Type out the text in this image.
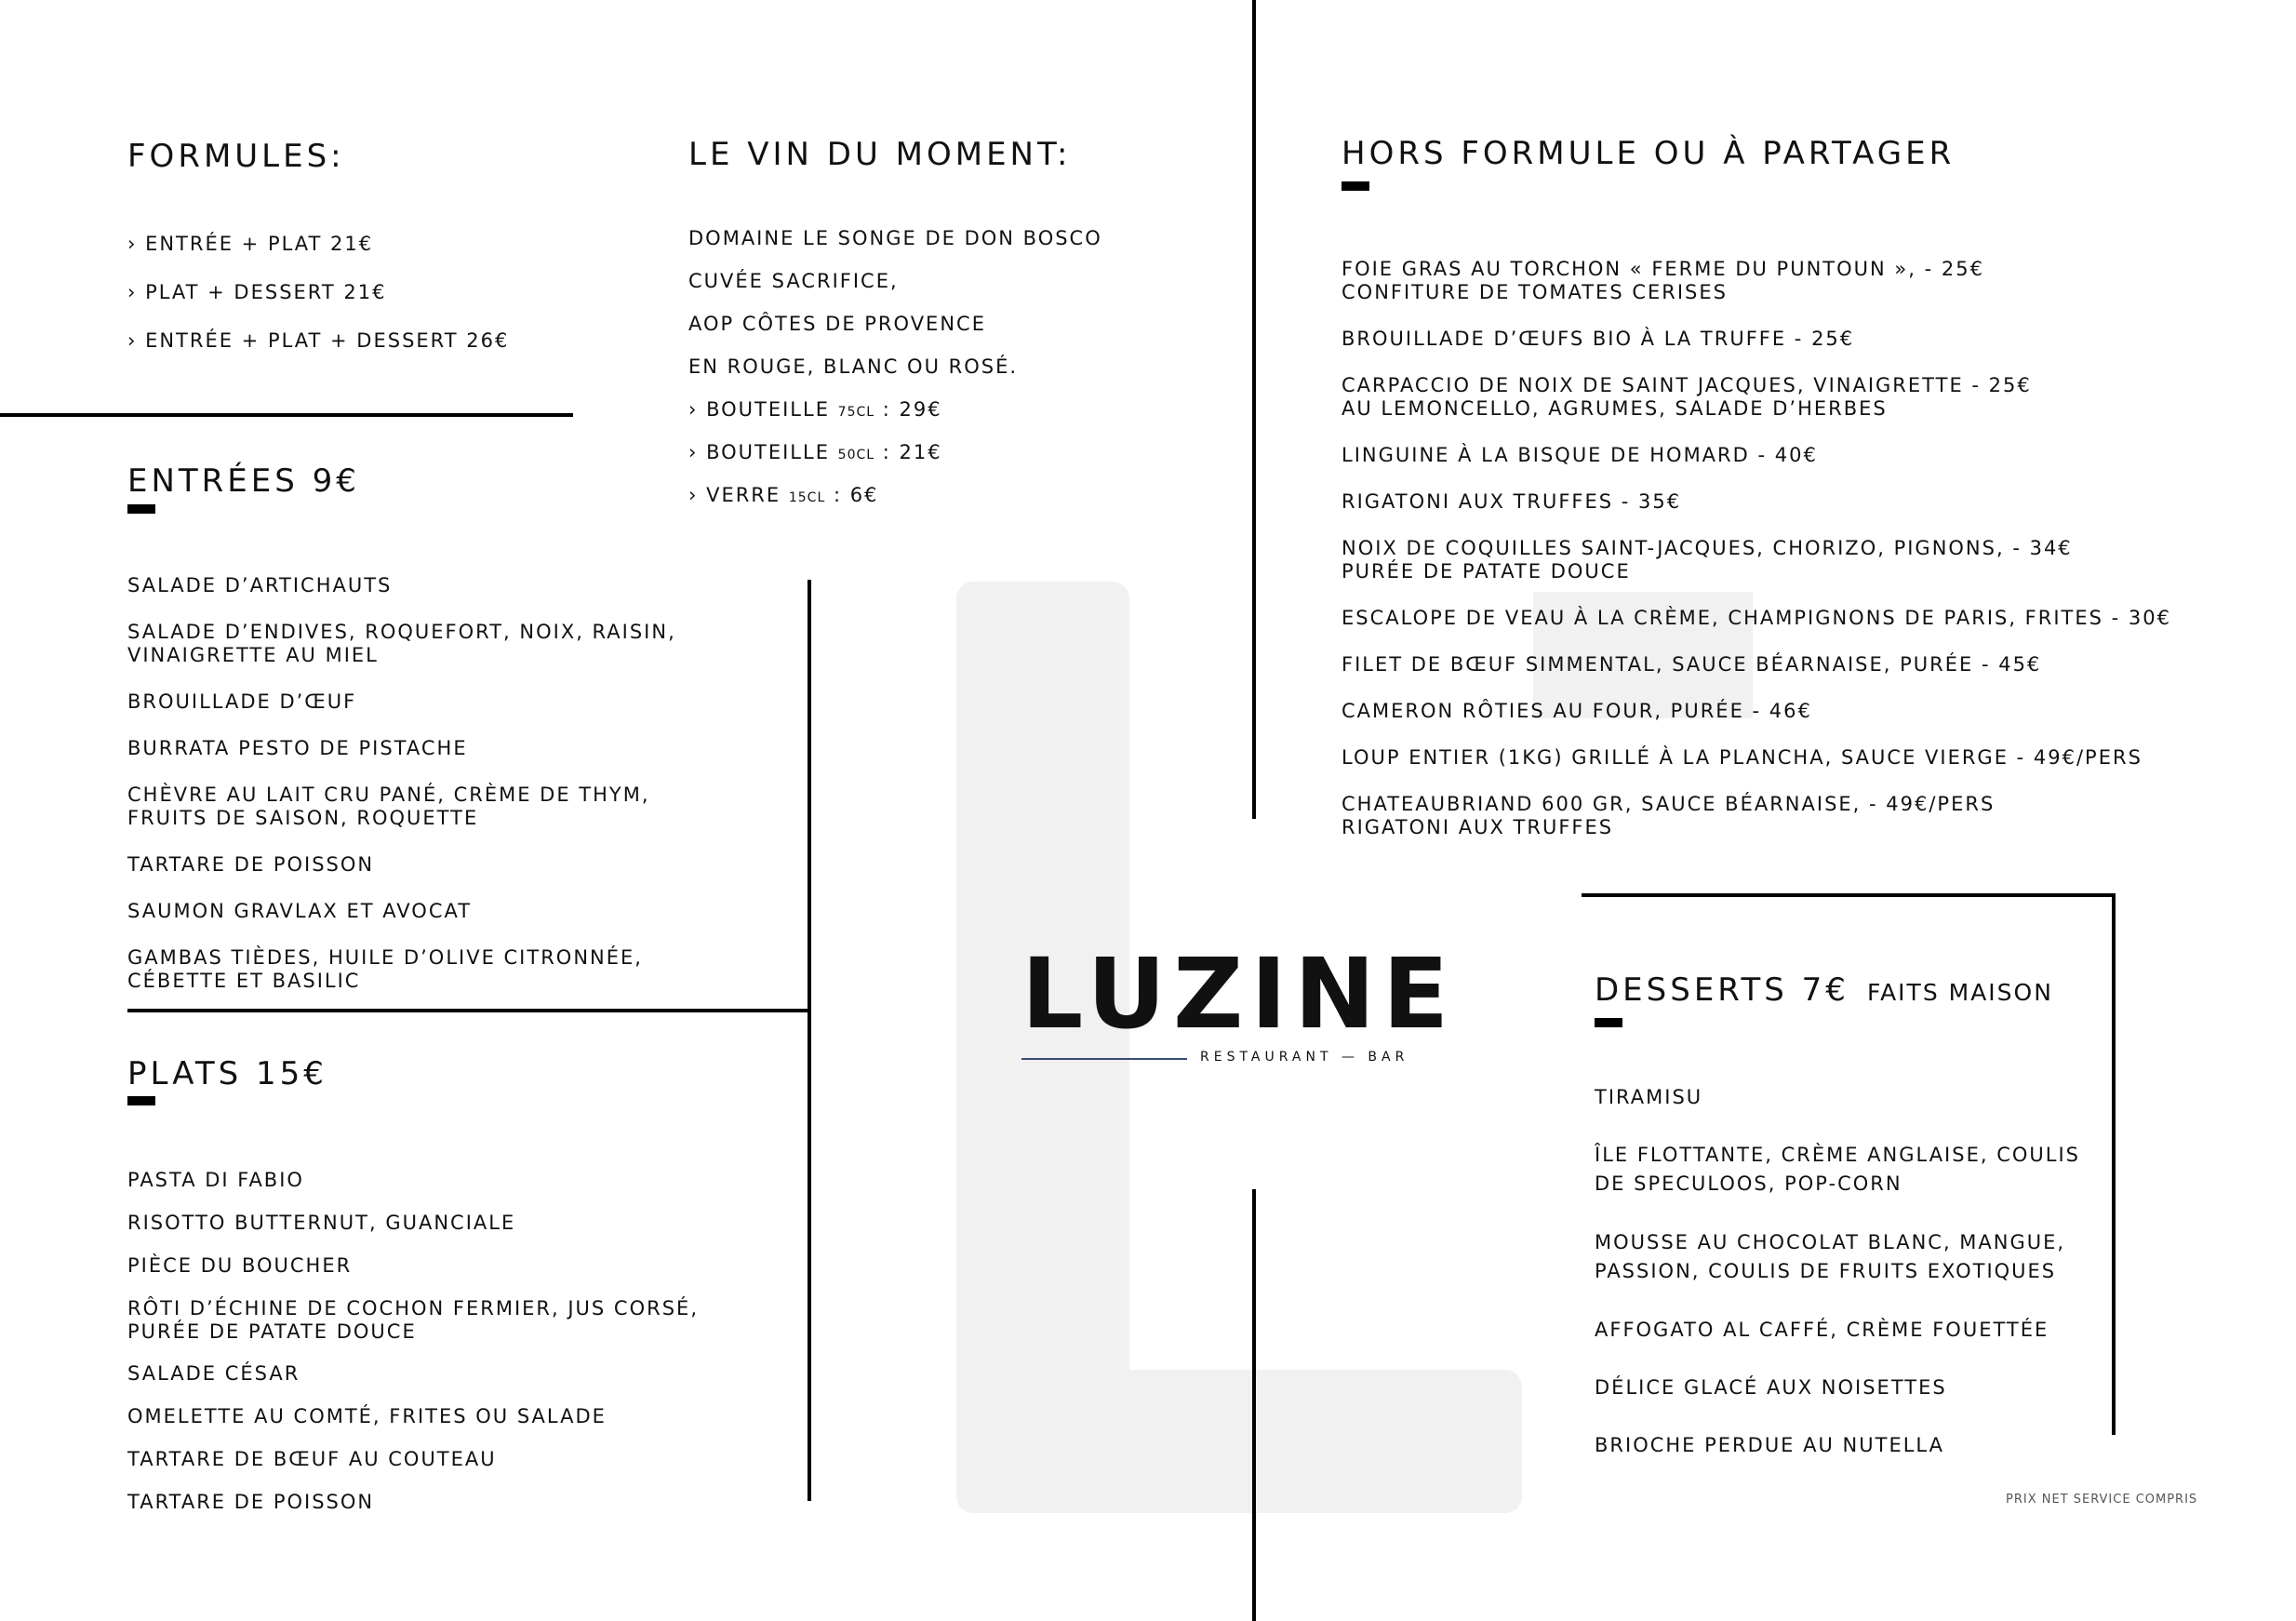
FORMULES:
› ENTRÉE + PLAT 21€
› PLAT + DESSERT 21€
› ENTRÉE + PLAT + DESSERT 26€
LE VIN DU MOMENT:
DOMAINE LE SONGE DE DON BOSCO
CUVÉE SACRIFICE,
AOP CÔTES DE PROVENCE
EN ROUGE, BLANC OU ROSÉ.
› BOUTEILLE 75CL : 29€
› BOUTEILLE 50CL : 21€
› VERRE 15CL : 6€
ENTRÉES 9€
SALADE D’ARTICHAUTS
SALADE D’ENDIVES, ROQUEFORT, NOIX, RAISIN,
VINAIGRETTE AU MIEL
BROUILLADE D’ŒUF
BURRATA PESTO DE PISTACHE
CHÈVRE AU LAIT CRU PANÉ, CRÈME DE THYM,
FRUITS DE SAISON, ROQUETTE
TARTARE DE POISSON
SAUMON GRAVLAX ET AVOCAT
GAMBAS TIÈDES, HUILE D’OLIVE CITRONNÉE,
CÉBETTE ET BASILIC
PLATS 15€
PASTA DI FABIO
RISOTTO BUTTERNUT, GUANCIALE
PIÈCE DU BOUCHER
RÔTI D’ÉCHINE DE COCHON FERMIER, JUS CORSÉ,
PURÉE DE PATATE DOUCE
SALADE CÉSAR
OMELETTE AU COMTÉ, FRITES OU SALADE
TARTARE DE BŒUF AU COUTEAU
TARTARE DE POISSON
HORS FORMULE OU À PARTAGER
FOIE GRAS AU TORCHON « FERME DU PUNTOUN », - 25€
CONFITURE DE TOMATES CERISES
BROUILLADE D’ŒUFS BIO À LA TRUFFE - 25€
CARPACCIO DE NOIX DE SAINT JACQUES, VINAIGRETTE - 25€
AU LEMONCELLO, AGRUMES, SALADE D’HERBES
LINGUINE À LA BISQUE DE HOMARD - 40€
RIGATONI AUX TRUFFES - 35€
NOIX DE COQUILLES SAINT-JACQUES, CHORIZO, PIGNONS, - 34€
PURÉE DE PATATE DOUCE
ESCALOPE DE VEAU À LA CRÈME, CHAMPIGNONS DE PARIS, FRITES - 30€
FILET DE BŒUF SIMMENTAL, SAUCE BÉARNAISE, PURÉE - 45€
CAMERON RÔTIES AU FOUR, PURÉE - 46€
LOUP ENTIER (1KG) GRILLÉ À LA PLANCHA, SAUCE VIERGE - 49€/PERS
CHATEAUBRIAND 600 GR, SAUCE BÉARNAISE, - 49€/PERS
RIGATONI AUX TRUFFES
DESSERTS 7€ FAITS MAISON
TIRAMISU
ÎLE FLOTTANTE, CRÈME ANGLAISE, COULIS
DE SPECULOOS, POP-CORN
MOUSSE AU CHOCOLAT BLANC, MANGUE,
PASSION, COULIS DE FRUITS EXOTIQUES
AFFOGATO AL CAFFÉ, CRÈME FOUETTÉE
DÉLICE GLACÉ AUX NOISETTES
BRIOCHE PERDUE AU NUTELLA
LUZINE
RESTAURANT — BAR
PRIX NET SERVICE COMPRIS
